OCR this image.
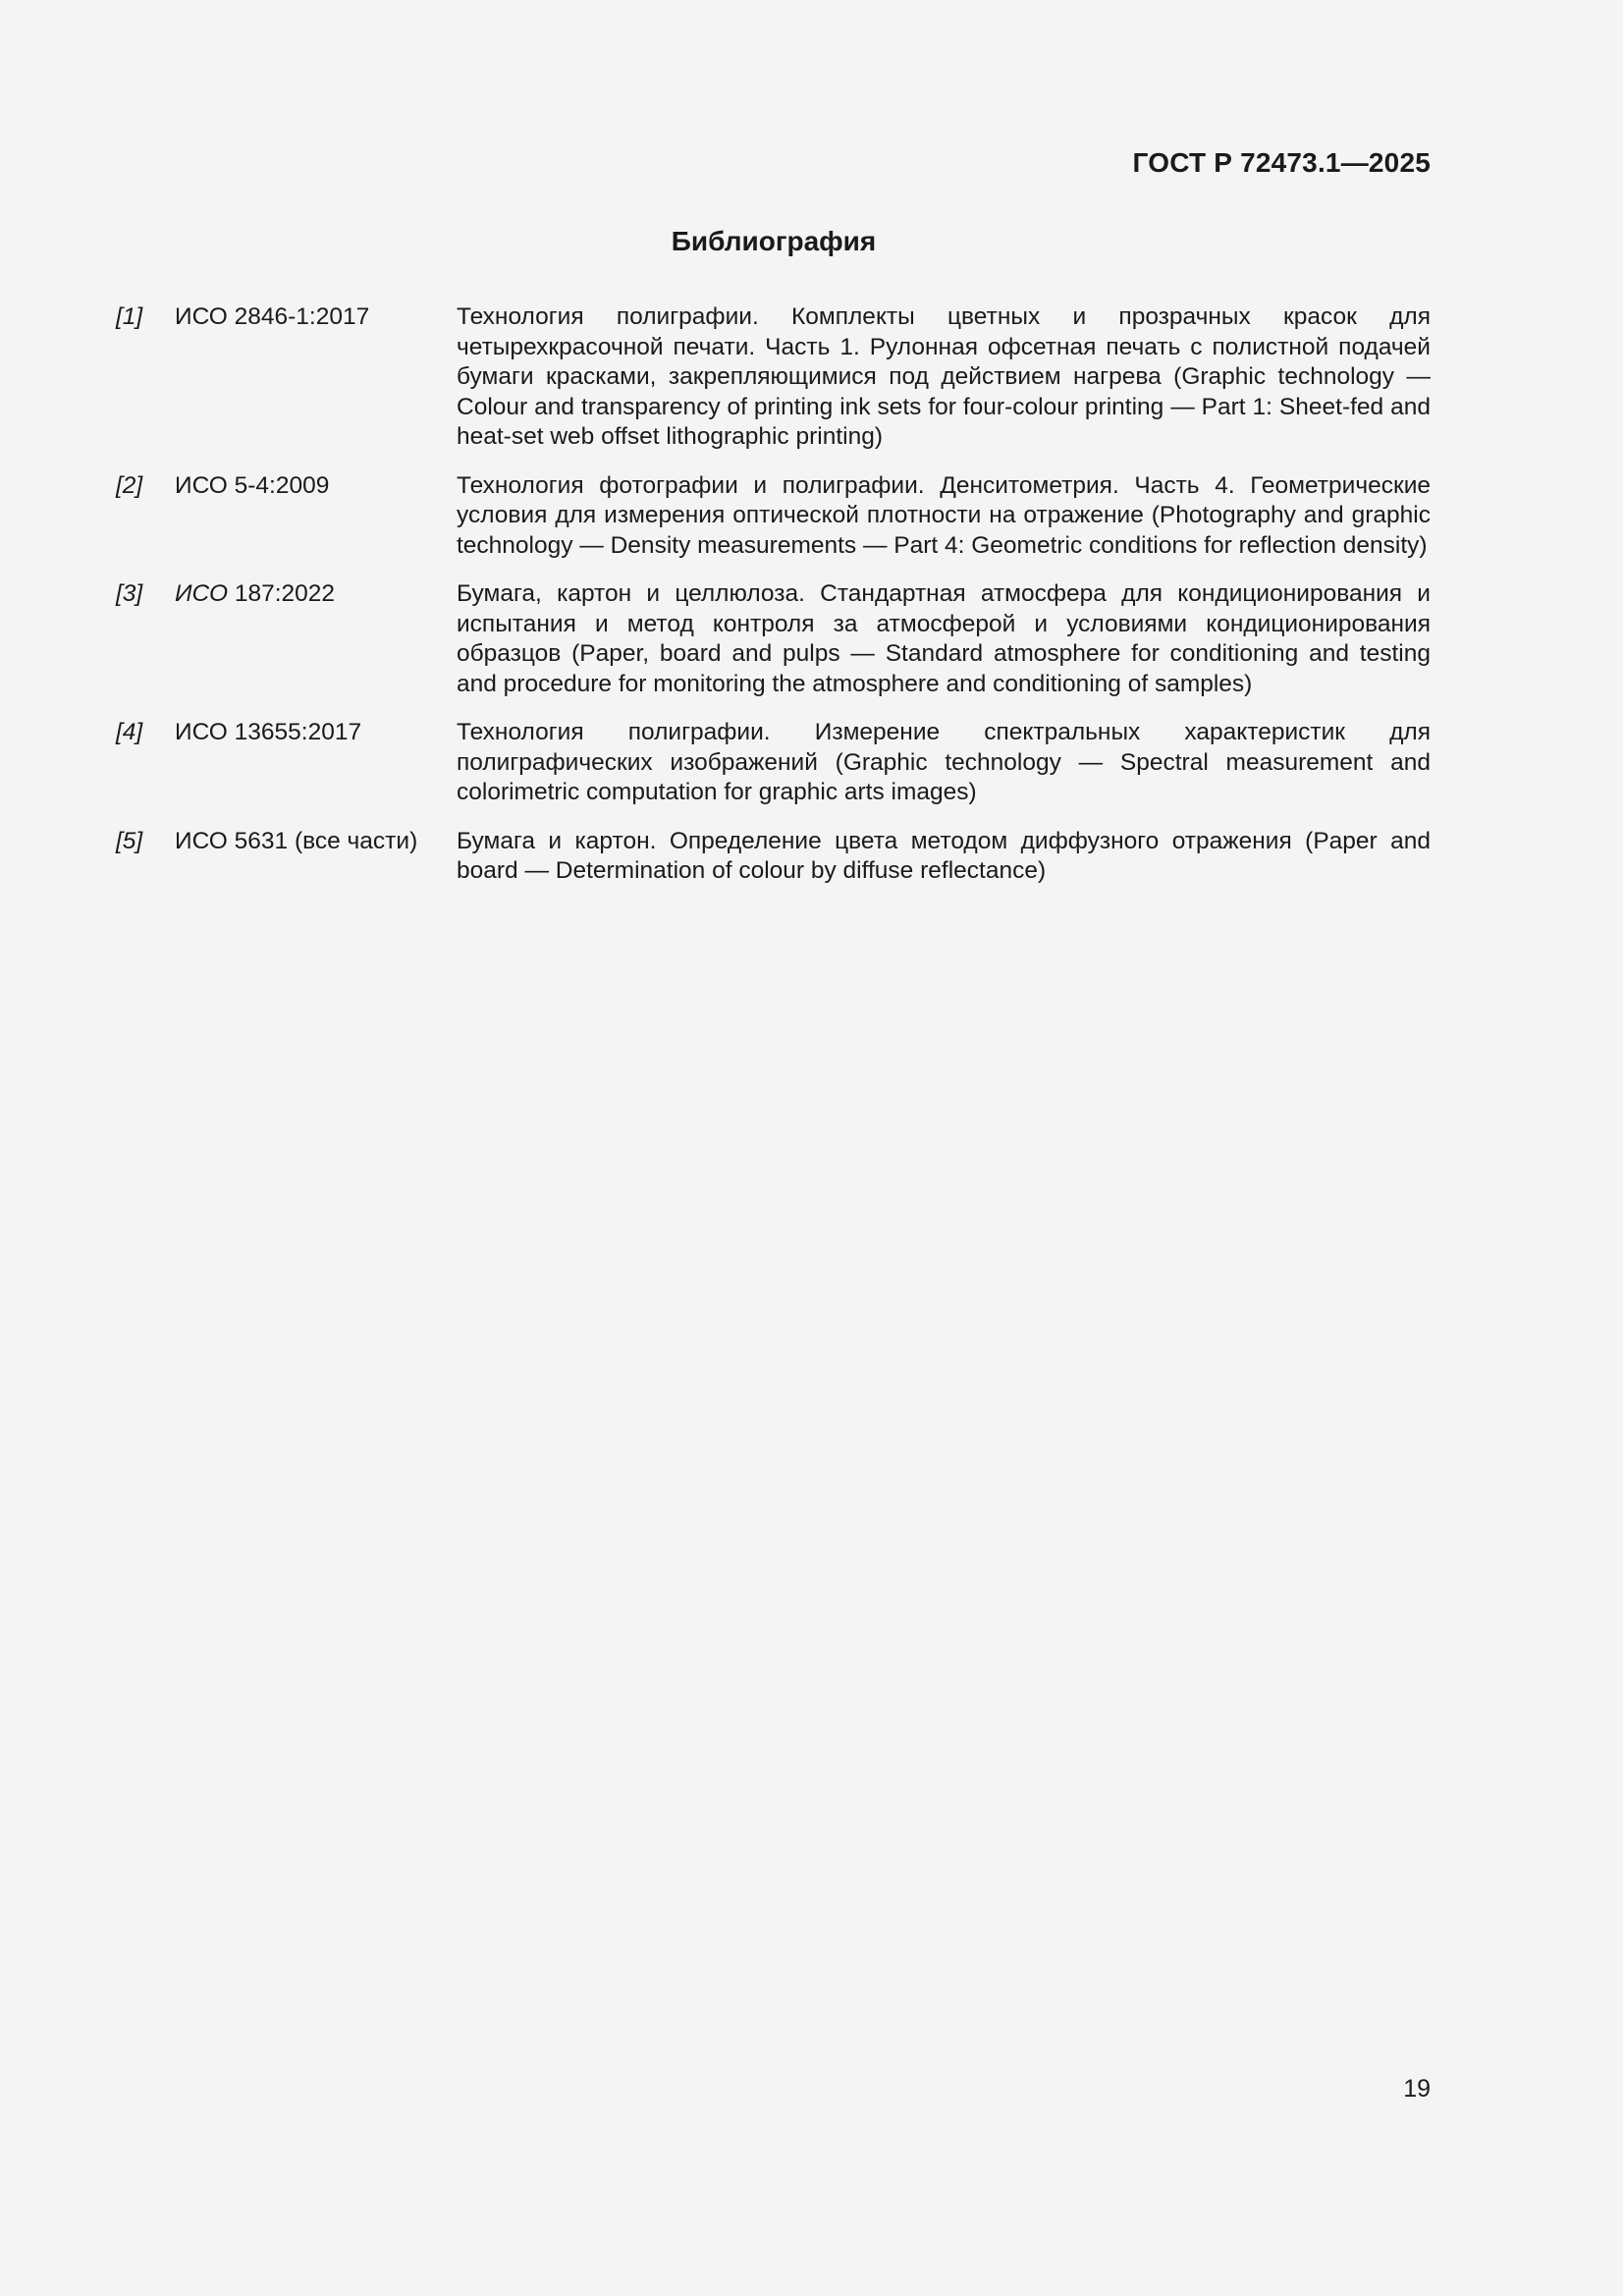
ГОСТ Р 72473.1—2025
Библиография
[1]	ИСО 2846-1:2017	Технология полиграфии. Комплекты цветных и прозрачных красок для четырехкрасочной печати. Часть 1. Рулонная офсетная печать с полистной подачей бумаги красками, закрепляющимися под действием нагрева (Graphic technology — Colour and transparency of printing ink sets for four-colour printing — Part 1: Sheet-fed and heat-set web offset lithographic printing)
[2]	ИСО 5-4:2009	Технология фотографии и полиграфии. Денситометрия. Часть 4. Геометрические условия для измерения оптической плотности на отражение (Photography and graphic technology — Density measurements — Part 4: Geometric conditions for reflection density)
[3]	ИСО 187:2022	Бумага, картон и целлюлоза. Стандартная атмосфера для кондиционирования и испытания и метод контроля за атмосферой и условиями кондиционирования образцов (Paper, board and pulps — Standard atmosphere for conditioning and testing and procedure for monitoring the atmosphere and conditioning of samples)
[4]	ИСО 13655:2017	Технология полиграфии. Измерение спектральных характеристик для полиграфических изображений (Graphic technology — Spectral measurement and colorimetric computation for graphic arts images)
[5]	ИСО 5631 (все части)	Бумага и картон. Определение цвета методом диффузного отражения (Paper and board — Determination of colour by diffuse reflectance)
19
